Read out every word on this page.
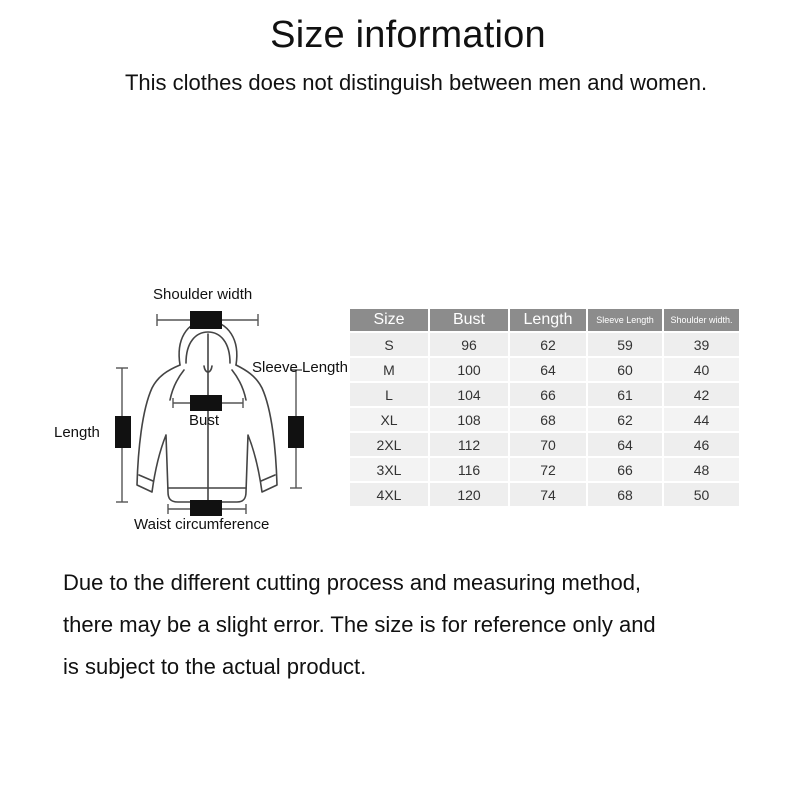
Size information
This clothes does not distinguish between men and women.
Shoulder width
Sleeve Length
Length
Bust
Waist circumference
Size	Bust	Length	Sleeve Length	Shoulder width.
S	96	62	59	39
M	100	64	60	40
L	104	66	61	42
XL	108	68	62	44
2XL	112	70	64	46
3XL	116	72	66	48
4XL	120	74	68	50
Due to the different cutting process and measuring method,
there may be a slight error. The size is for reference only and
is subject to the actual product.
